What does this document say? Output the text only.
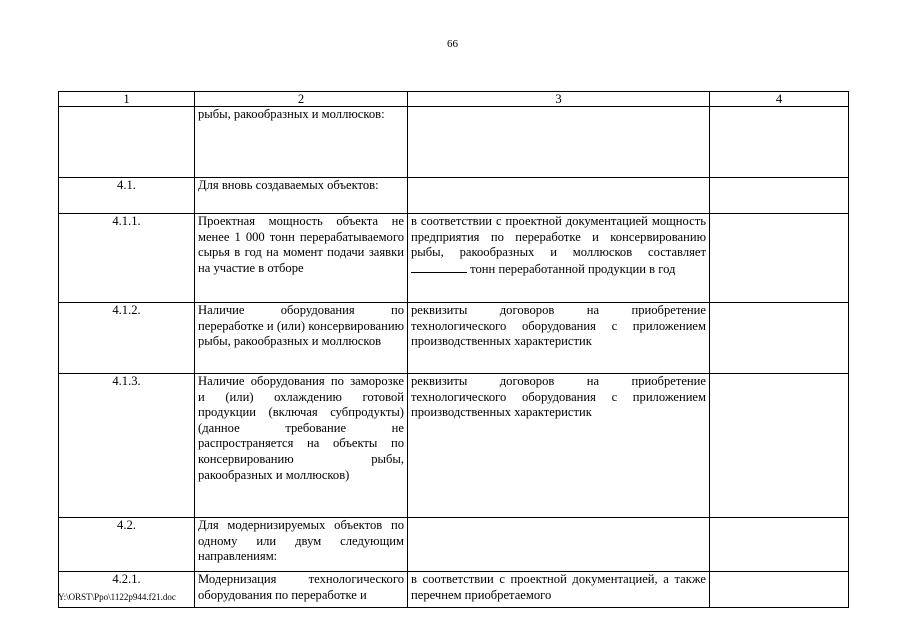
66
1	2	3	4
	рыбы, ракообразных и моллюсков:		
4.1.	Для вновь создаваемых объектов:		
4.1.1.	Проектная мощность объекта не менее 1 000 тонн перерабатываемого сырья в год на момент подачи заявки на участие в отборе	в соответствии с проектной документацией мощность предприятия по переработке и консервированию рыбы, ракообразных и моллюсков составляет  тонн переработанной продукции в год	
4.1.2.	Наличие оборудования по переработке и (или) консервированию рыбы, ракообразных и моллюсков	реквизиты договоров на приобретение технологического оборудования с приложением производственных характеристик	
4.1.3.	Наличие оборудования по заморозке и (или) охлаждению готовой продукции (включая субпродукты) (данное требование не распространяется на объекты по консервированию рыбы, ракообразных и моллюсков)	реквизиты договоров на приобретение технологического оборудования с приложением производственных характеристик	
4.2.	Для модернизируемых объектов по одному или двум следующим направлениям:		
4.2.1.	Модернизация технологического оборудования по переработке и	в соответствии с проектной документацией, а также перечнем приобретаемого	
Y:\ORST\Ppo\1122p944.f21.doc
